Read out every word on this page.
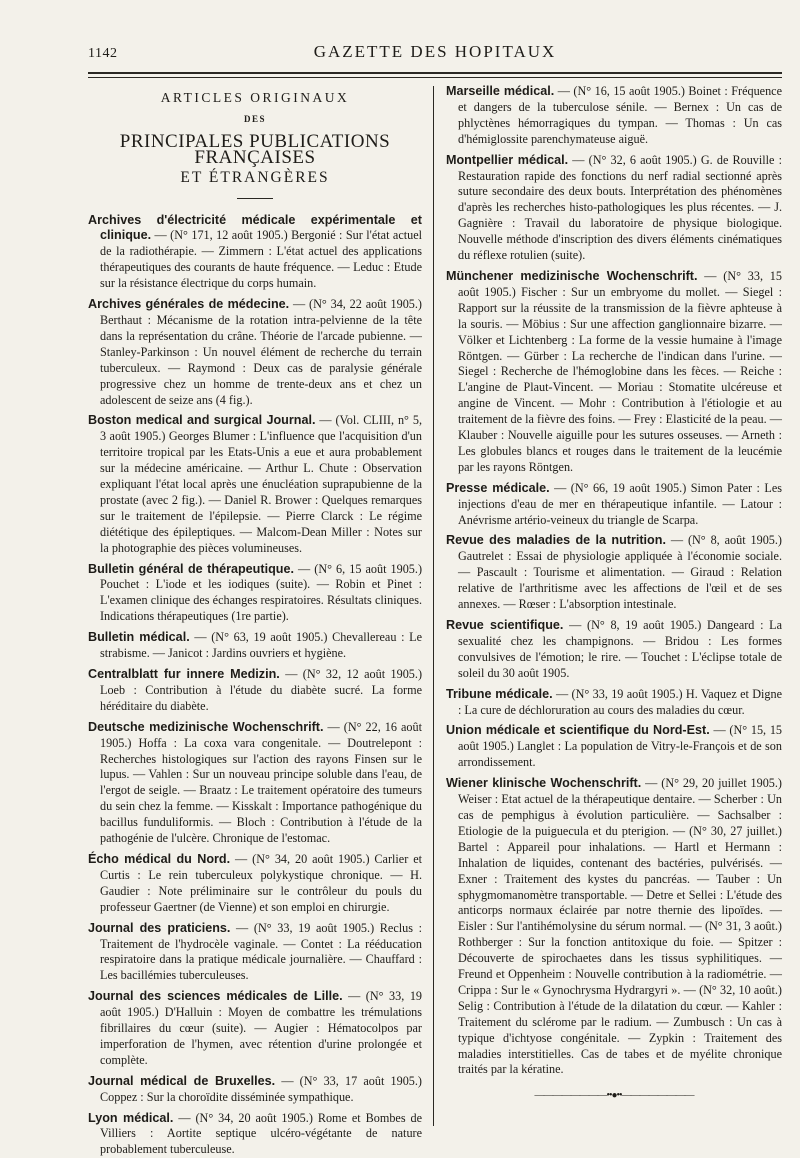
1142	GAZETTE DES HOPITAUX
ARTICLES ORIGINAUX
DES
PRINCIPALES PUBLICATIONS FRANÇAISES
ET ÉTRANGÈRES

Archives d'électricité médicale expérimentale et clinique. — (N° 171, 12 août 1905.) Bergonié : Sur l'état actuel de la radiothérapie. — Zimmern : L'état actuel des applications thérapeutiques des courants de haute fréquence. — Leduc : Etude sur la résistance électrique du corps humain.

Archives générales de médecine. — (N° 34, 22 août 1905.) Berthaut : Mécanisme de la rotation intra-pelvienne de la tête dans la représentation du crâne. Théorie de l'arcade pubienne. — Stanley-Parkinson : Un nouvel élément de recherche du terrain tuberculeux. — Raymond : Deux cas de paralysie générale progressive chez un homme de trente-deux ans et chez un adolescent de seize ans (4 fig.).

Boston medical and surgical Journal. — (Vol. CLIII, n° 5, 3 août 1905.) Georges Blumer : L'influence que l'acquisition d'un territoire tropical par les Etats-Unis a eue et aura probablement sur la médecine américaine. — Arthur L. Chute : Observation expliquant l'état local après une énucléation suprapubienne de la prostate (avec 2 fig.). — Daniel R. Brower : Quelques remarques sur le traitement de l'épilepsie. — Pierre Clarck : Le régime diététique des épileptiques. — Malcom-Dean Miller : Notes sur la photographie des pièces volumineuses.

Bulletin général de thérapeutique. — (N° 6, 15 août 1905.) Pouchet : L'iode et les iodiques (suite). — Robin et Pinet : L'examen clinique des échanges respiratoires. Résultats cliniques. Indications thérapeutiques (1re partie).

Bulletin médical. — (N° 63, 19 août 1905.) Chevallereau : Le strabisme. — Janicot : Jardins ouvriers et hygiène.

Centralblatt fur innere Medizin. — (N° 32, 12 août 1905.) Loeb : Contribution à l'étude du diabète sucré. La forme héréditaire du diabète.

Deutsche medizinische Wochenschrift. — (N° 22, 16 août 1905.) Hoffa : La coxa vara congenitale. — Doutrelepont : Recherches histologiques sur l'action des rayons Finsen sur le lupus. — Vahlen : Sur un nouveau principe soluble dans l'eau, de l'ergot de seigle. — Braatz : Le traitement opératoire des tumeurs du sein chez la femme. — Kisskalt : Importance pathogénique du bacillus funduliformis. — Bloch : Contribution à l'étude de la pathogénie de l'ulcère. Chronique de l'estomac.

Écho médical du Nord. — (N° 34, 20 août 1905.) Carlier et Curtis : Le rein tuberculeux polykystique chronique. — H. Gaudier : Note préliminaire sur le contrôleur du pouls du professeur Gaertner (de Vienne) et son emploi en chirurgie.

Journal des praticiens. — (N° 33, 19 août 1905.) Reclus : Traitement de l'hydrocèle vaginale. — Contet : La rééducation respiratoire dans la pratique médicale journalière. — Chauffard : Les bacillémies tuberculeuses.

Journal des sciences médicales de Lille. — (N° 33, 19 août 1905.) D'Halluin : Moyen de combattre les trémulations fibrillaires du cœur (suite). — Augier : Hématocolpos par imperforation de l'hymen, avec rétention d'urine prolongée et complète.

Journal médical de Bruxelles. — (N° 33, 17 août 1905.) Coppez : Sur la choroïdite disséminée sympathique.

Lyon médical. — (N° 34, 20 août 1905.) Rome et Bombes de Villiers : Aortite septique ulcéro-végétante de nature probablement tuberculeuse.

Marseille médical. — (N° 16, 15 août 1905.) Boinet : Fréquence et dangers de la tuberculose sénile. — Bernex : Un cas de phlyctènes hémorragiques du tympan. — Thomas : Un cas d'hémiglossite parenchymateuse aiguë.

Montpellier médical. — (N° 32, 6 août 1905.) G. de Rouville : Restauration rapide des fonctions du nerf radial sectionné après suture secondaire des deux bouts. Interprétation des phénomènes d'après les recherches histo-pathologiques les plus récentes. — J. Gagnière : Travail du laboratoire de physique biologique. Nouvelle méthode d'inscription des divers éléments cinématiques du réflexe rotulien (suite).

Münchener medizinische Wochenschrift. — (N° 33, 15 août 1905.) Fischer : Sur un embryome du mollet. — Siegel : Rapport sur la réussite de la transmission de la fièvre aphteuse à la souris. — Möbius : Sur une affection ganglionnaire bizarre. — Völker et Lichtenberg : La forme de la vessie humaine à l'image Röntgen. — Gürber : La recherche de l'indican dans l'urine. — Siegel : Recherche de l'hémoglobine dans les fèces. — Reiche : L'angine de Plaut-Vincent. — Moriau : Stomatite ulcéreuse et angine de Vincent. — Mohr : Contribution à l'étiologie et au traitement de la fièvre des foins. — Frey : Elasticité de la peau. — Klauber : Nouvelle aiguille pour les sutures osseuses. — Arneth : Les globules blancs et rouges dans le traitement de la leucémie par les rayons Röntgen.

Presse médicale. — (N° 66, 19 août 1905.) Simon Pater : Les injections d'eau de mer en thérapeutique infantile. — Latour : Anévrisme artério-veineux du triangle de Scarpa.

Revue des maladies de la nutrition. — (N° 8, août 1905.) Gautrelet : Essai de physiologie appliquée à l'économie sociale. — Pascault : Tourisme et alimentation. — Giraud : Relation relative de l'arthritisme avec les affections de l'œil et de ses annexes. — Rœser : L'absorption intestinale.

Revue scientifique. — (N° 8, 19 août 1905.) Dangeard : La sexualité chez les champignons. — Bridou : Les formes convulsives de l'émotion; le rire. — Touchet : L'éclipse totale de soleil du 30 août 1905.

Tribune médicale. — (N° 33, 19 août 1905.) H. Vaquez et Digne : La cure de déchloruration au cours des maladies du cœur.

Union médicale et scientifique du Nord-Est. — (N° 15, 15 août 1905.) Langlet : La population de Vitry-le-François et de son arrondissement.

Wiener klinische Wochenschrift. — (N° 29, 20 juillet 1905.) Weiser : Etat actuel de la thérapeutique dentaire. — Scherber : Un cas de pemphigus à évolution particulière. — Sachsalber : Etiologie de la puiguecula et du pterigion. — (N° 30, 27 juillet.) Bartel : Appareil pour inhalations. — Hartl et Hermann : Inhalation de liquides, contenant des bactéries, pulvérisés. — Exner : Traitement des kystes du pancréas. — Tauber : Un sphygmomanomètre transportable. — Detre et Sellei : L'étude des anticorps normaux éclairée par notre thernie des lipoïdes. — Eisler : Sur l'antihémolysine du sérum normal. — (N° 31, 3 août.) Rothberger : Sur la fonction antitoxique du foie. — Spitzer : Découverte de spirochaetes dans les tissus syphilitiques. — Freund et Oppenheim : Nouvelle contribution à la radiométrie. — Crippa : Sur le « Gynochrysma Hydrargyri ». — (N° 32, 10 août.) Selig : Contribution à l'étude de la dilatation du cœur. — Kahler : Traitement du sclérome par le radium. — Zumbusch : Un cas à typique d'ichtyose congénitale. — Zypkin : Traitement des maladies interstitielles. Cas de tabes et de myélite chronique traités par la kératine.

————————••●••————————
